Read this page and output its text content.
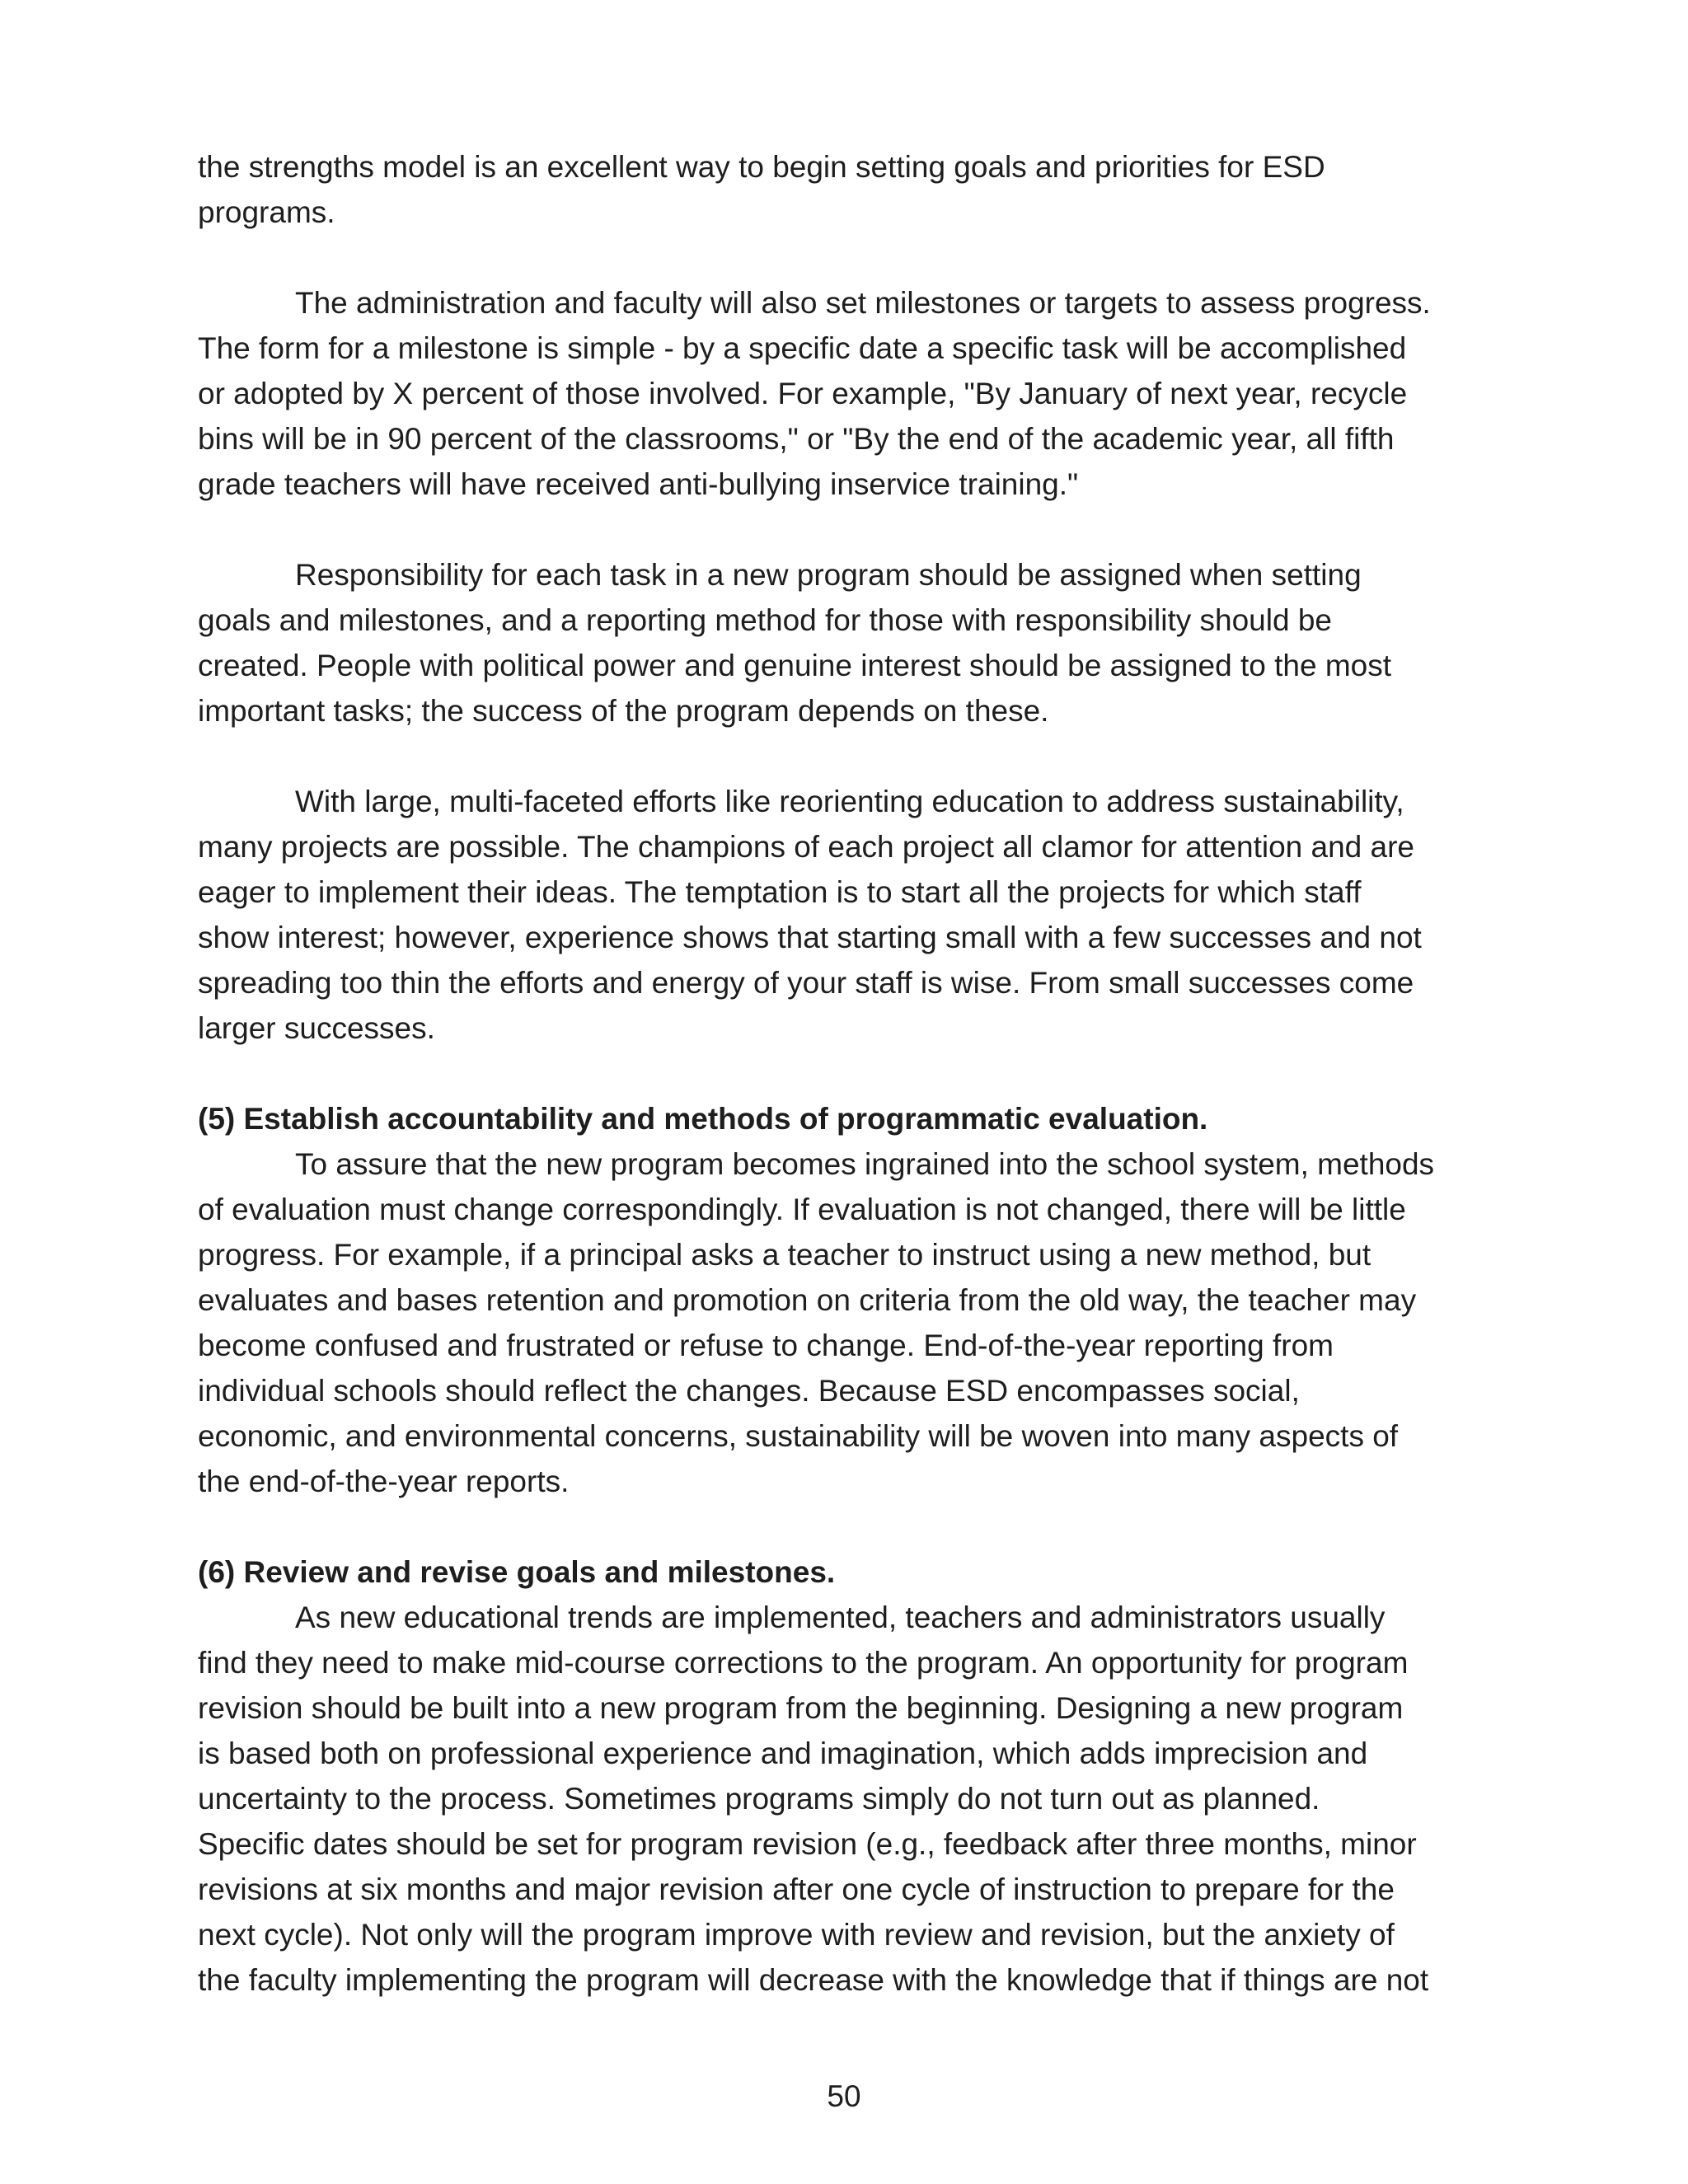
the strengths model is an excellent way to begin setting goals and priorities for ESD

programs.

The administration and faculty will also set milestones or targets to assess progress.

The form for a milestone is simple - by a specific date a specific task will be accomplished

or adopted by X percent of those involved. For example, "By January of next year, recycle

bins will be in 90 percent of the classrooms," or "By the end of the academic year, all fifth

grade teachers will have received anti-bullying inservice training."

Responsibility for each task in a new program should be assigned when setting

goals and milestones, and a reporting method for those with responsibility should be

created. People with political power and genuine interest should be assigned to the most

important tasks; the success of the program depends on these.

With large, multi-faceted efforts like reorienting education to address sustainability,

many projects are possible. The champions of each project all clamor for attention and are

eager to implement their ideas. The temptation is to start all the projects for which staff

show interest; however, experience shows that starting small with a few successes and not

spreading too thin the efforts and energy of your staff is wise. From small successes come

larger successes.

(5) Establish accountability and methods of programmatic evaluation.

To assure that the new program becomes ingrained into the school system, methods

of evaluation must change correspondingly. If evaluation is not changed, there will be little

progress. For example, if a principal asks a teacher to instruct using a new method, but

evaluates and bases retention and promotion on criteria from the old way, the teacher may

become confused and frustrated or refuse to change. End-of-the-year reporting from

individual schools should reflect the changes. Because ESD encompasses social,

economic, and environmental concerns, sustainability will be woven into many aspects of

the end-of-the-year reports.

(6) Review and revise goals and milestones.

As new educational trends are implemented, teachers and administrators usually

find they need to make mid-course corrections to the program. An opportunity for program

revision should be built into a new program from the beginning. Designing a new program

is based both on professional experience and imagination, which adds imprecision and

uncertainty to the process. Sometimes programs simply do not turn out as planned.

Specific dates should be set for program revision (e.g., feedback after three months, minor

revisions at six months and major revision after one cycle of instruction to prepare for the

next cycle). Not only will the program improve with review and revision, but the anxiety of

the faculty implementing the program will decrease with the knowledge that if things are not

50
